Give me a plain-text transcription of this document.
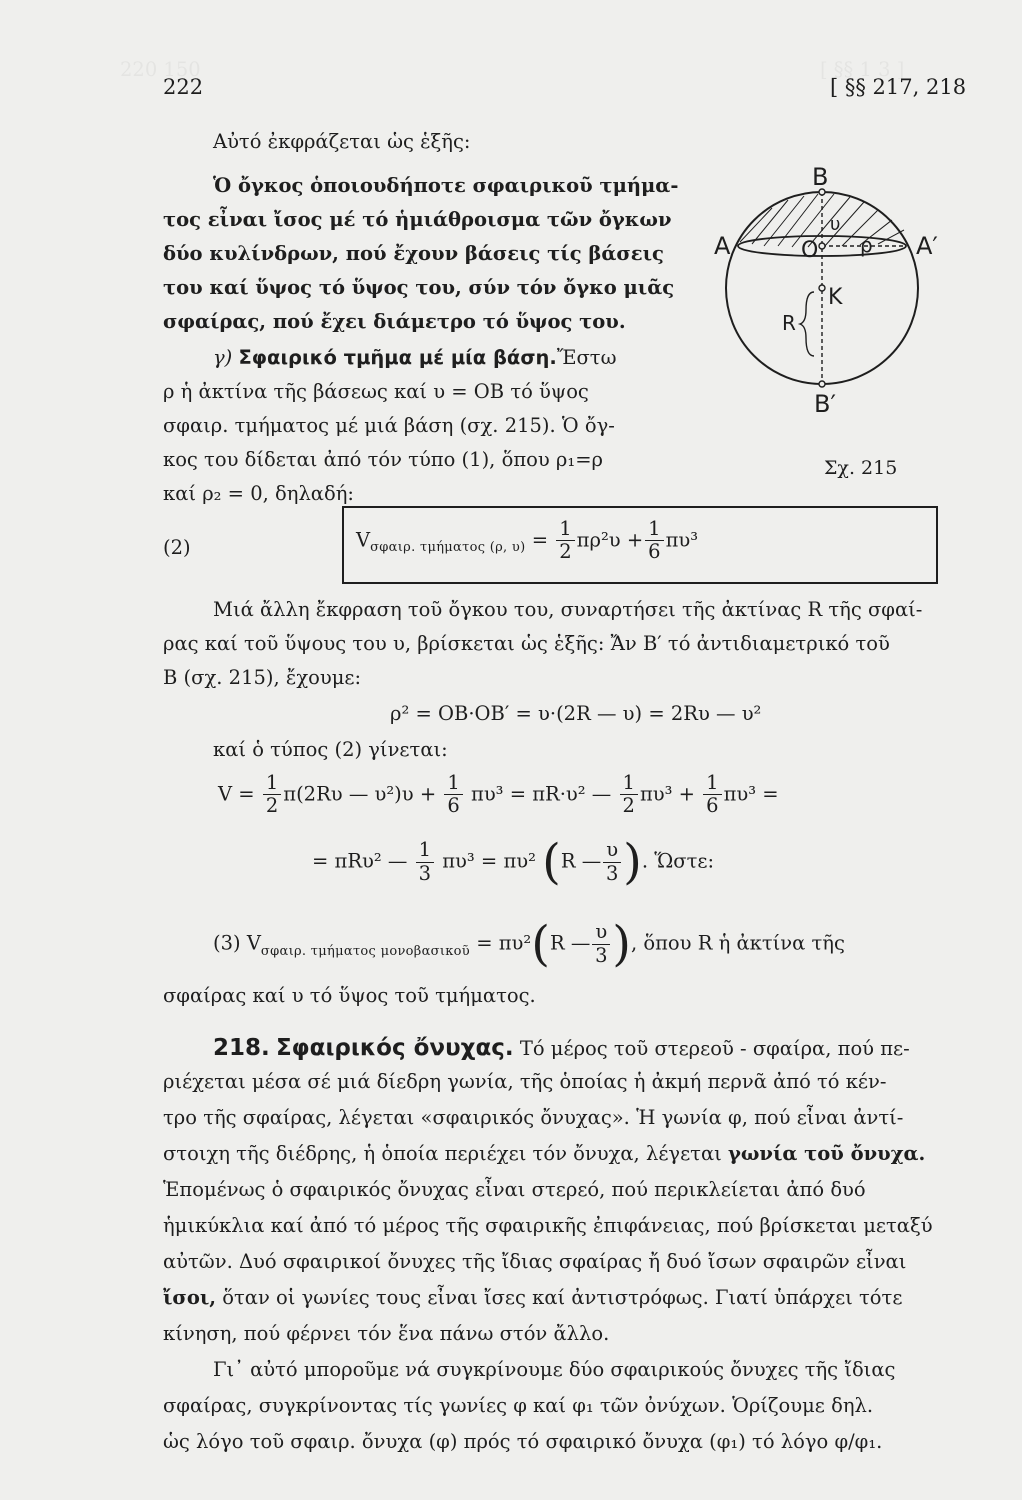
220 150	[ §§ 1 3 ]
222	[ §§ 217, 218
Αὐτό ἐκφράζεται ὡς ἑξῆς:
Ὁ ὄγκος ὁποιουδήποτε σφαιρικοῦ τμήμα-
τος εἶναι ἴσος μέ τό ἡμιάθροισμα τῶν ὄγκων
δύο κυλίνδρων, πού ἔχουν βάσεις τίς βάσεις
του καί ὕψος τό ὕψος του, σύν τόν ὄγκο μιᾶς
σφαίρας, πού ἔχει διάμετρο τό ὕψος του.
γ) Σφαιρικό τμῆμα μέ μία βάση.Ἔστω
ρ ἡ ἀκτίνα τῆς βάσεως καί υ = ΟΒ τό ὕψος
σφαιρ. τμήματος μέ μιά βάση (σχ. 215). Ὁ ὄγ-
κος του δίδεται ἀπό τόν τύπο (1), ὅπου ρ₁=ρ
καί ρ₂ = 0, δηλαδή:
B
A	A′
O ρ
υ
K
R
B′
Σχ. 215
(2)	$V_{\sigma\varphi\alpha\iota\rho. \tau\mu ή\mu\alpha\tau o\varsigma (\rho, \upsilon)} = \frac{1}{2} \pi\rho^2\upsilon + \frac{1}{6} \pi\upsilon^3$
Μιά ἄλλη ἔκφραση τοῦ ὄγκου του, συναρτήσει τῆς ἀκτίνας R τῆς σφαί-
ρας καί τοῦ ὕψους του υ, βρίσκεται ὡς ἑξῆς: Ἄν Β′ τό ἀντιδιαμετρικό τοῦ
Β (σχ. 215), ἔχουμε:
ρ² = ΟΒ·ΟΒ′ = υ·(2R — υ) = 2Rυ — υ²
καί ὁ τύπος (2) γίνεται:
$V = \frac{1}{2} \pi(2R\upsilon$ — $\upsilon^2)\upsilon + \frac{1}{6} \pi\upsilon^3 = \pi R\cdot\upsilon^2$ — $\frac{1}{2} \pi\upsilon^3 + \frac{1}{6} \pi\upsilon^3$ =
= πRυ² — $\frac{1}{3} \pi\upsilon^3 = \pi\upsilon^2$ (R — $\frac{\upsilon}{3}$ ). Ὥστε:
(3) $V_{\sigma\varphi\alpha\iota\rho. \tau\mu ή\mu\alpha\tau o\varsigma \mu o\nu o\beta\alpha\sigma\iota\kappa oῦ} = \pi\upsilon^2(R$ — $\frac{\upsilon}{3}$ ), ὅπου R ἡ ἀκτίνα τῆς
σφαίρας καί υ τό ὕψος τοῦ τμήματος.
218. Σφαιρικός ὄνυχας. Τό μέρος τοῦ στερεοῦ - σφαίρα, πού πε-
ριέχεται μέσα σέ μιά δίεδρη γωνία, τῆς ὁποίας ἡ ἀκμή περνᾶ ἀπό τό κέν-
τρο τῆς σφαίρας, λέγεται «σφαιρικός ὄνυχας». Ἡ γωνία φ, πού εἶναι ἀντί-
στοιχη τῆς διέδρης, ἡ ὁποία περιέχει τόν ὄνυχα, λέγεται γωνία τοῦ ὄνυχα.
Ἑπομένως ὁ σφαιρικός ὄνυχας εἶναι στερεό, πού περικλείεται ἀπό δυό
ἡμικύκλια καί ἀπό τό μέρος τῆς σφαιρικῆς ἐπιφάνειας, πού βρίσκεται μεταξύ
αὐτῶν. Δυό σφαιρικοί ὄνυχες τῆς ἴδιας σφαίρας ἤ δυό ἴσων σφαιρῶν εἶναι
ἴσοι, ὅταν οἱ γωνίες τους εἶναι ἴσες καί ἀντιστρόφως. Γιατί ὑπάρχει τότε
κίνηση, πού φέρνει τόν ἕνα πάνω στόν ἄλλο.
Γι᾿ αὐτό μποροῦμε νά συγκρίνουμε δύο σφαιρικούς ὄνυχες τῆς ἴδιας
σφαίρας, συγκρίνοντας τίς γωνίες φ καί φ₁ τῶν ὀνύχων. Ὁρίζουμε δηλ.
ὡς λόγο τοῦ σφαιρ. ὄνυχα (φ) πρός τό σφαιρικό ὄνυχα (φ₁) τό λόγο φ/φ₁.
